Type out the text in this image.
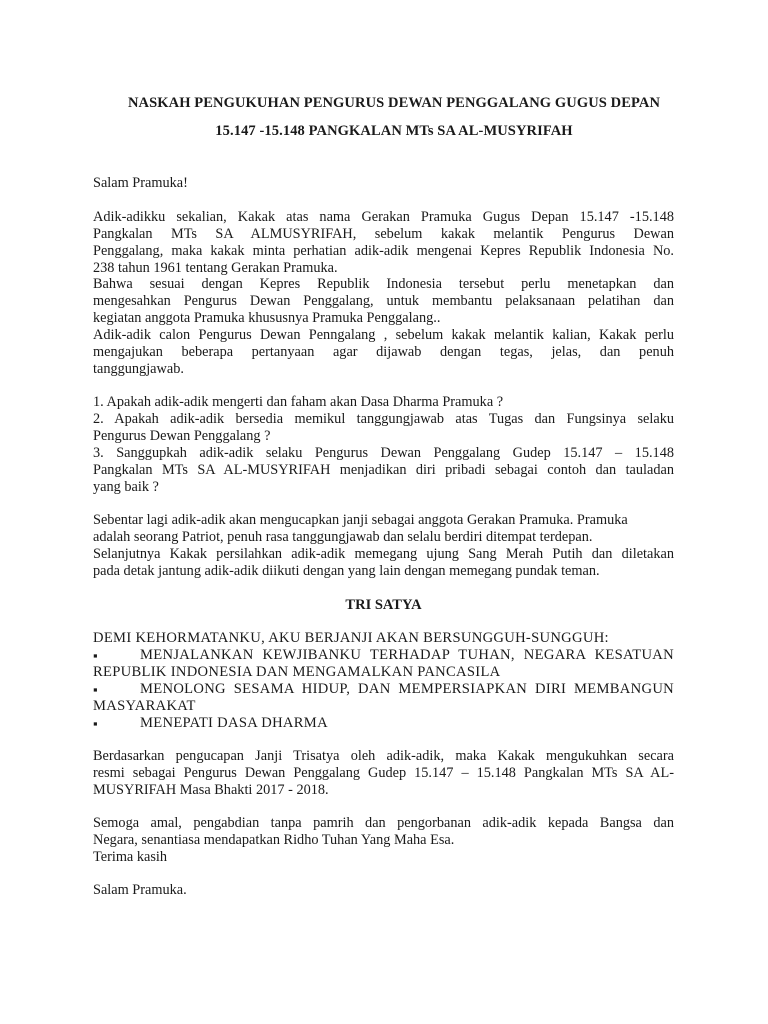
NASKAH PENGUKUHAN PENGURUS DEWAN PENGGALANG GUGUS DEPAN
15.147 -15.148 PANGKALAN MTs SA AL-MUSYRIFAH
Salam Pramuka!
Adik-adikku sekalian, Kakak atas nama Gerakan Pramuka Gugus Depan 15.147 -15.148
Pangkalan MTs SA ALMUSYRIFAH, sebelum kakak melantik Pengurus Dewan
Penggalang, maka kakak minta perhatian adik-adik mengenai Kepres Republik Indonesia No.
238 tahun 1961 tentang Gerakan Pramuka.
Bahwa sesuai dengan Kepres Republik Indonesia tersebut perlu menetapkan dan
mengesahkan Pengurus Dewan Penggalang, untuk membantu pelaksanaan pelatihan dan
kegiatan anggota Pramuka khususnya Pramuka Penggalang..
Adik-adik calon Pengurus Dewan Penngalang , sebelum kakak melantik kalian, Kakak perlu
mengajukan beberapa pertanyaan agar dijawab dengan tegas, jelas, dan penuh
tanggungjawab.
1. Apakah adik-adik mengerti dan faham akan Dasa Dharma Pramuka ?
2. Apakah adik-adik bersedia memikul tanggungjawab atas Tugas dan Fungsinya selaku
Pengurus Dewan Penggalang ?
3. Sanggupkah adik-adik selaku Pengurus Dewan Penggalang Gudep 15.147 – 15.148
Pangkalan MTs SA AL-MUSYRIFAH menjadikan diri pribadi sebagai contoh dan tauladan
yang baik ?
Sebentar lagi adik-adik akan mengucapkan janji sebagai anggota Gerakan Pramuka. Pramuka
adalah seorang Patriot, penuh rasa tanggungjawab dan selalu berdiri ditempat terdepan.
Selanjutnya Kakak persilahkan adik-adik memegang ujung Sang Merah Putih dan diletakan
pada detak jantung adik-adik diikuti dengan yang lain dengan memegang pundak teman.
TRI SATYA
DEMI KEHORMATANKU, AKU BERJANJI AKAN BERSUNGGUH-SUNGGUH:
▪	MENJALANKAN KEWJIBANKU TERHADAP TUHAN, NEGARA KESATUAN
REPUBLIK INDONESIA DAN MENGAMALKAN PANCASILA
▪	MENOLONG SESAMA HIDUP, DAN MEMPERSIAPKAN DIRI MEMBANGUN
MASYARAKAT
▪	MENEPATI DASA DHARMA
Berdasarkan pengucapan Janji Trisatya oleh adik-adik, maka Kakak mengukuhkan secara
resmi sebagai Pengurus Dewan Penggalang Gudep 15.147 – 15.148 Pangkalan MTs SA AL-
MUSYRIFAH Masa Bhakti 2017 - 2018.
Semoga amal, pengabdian tanpa pamrih dan pengorbanan adik-adik kepada Bangsa dan
Negara, senantiasa mendapatkan Ridho Tuhan Yang Maha Esa.
Terima kasih
Salam Pramuka.
